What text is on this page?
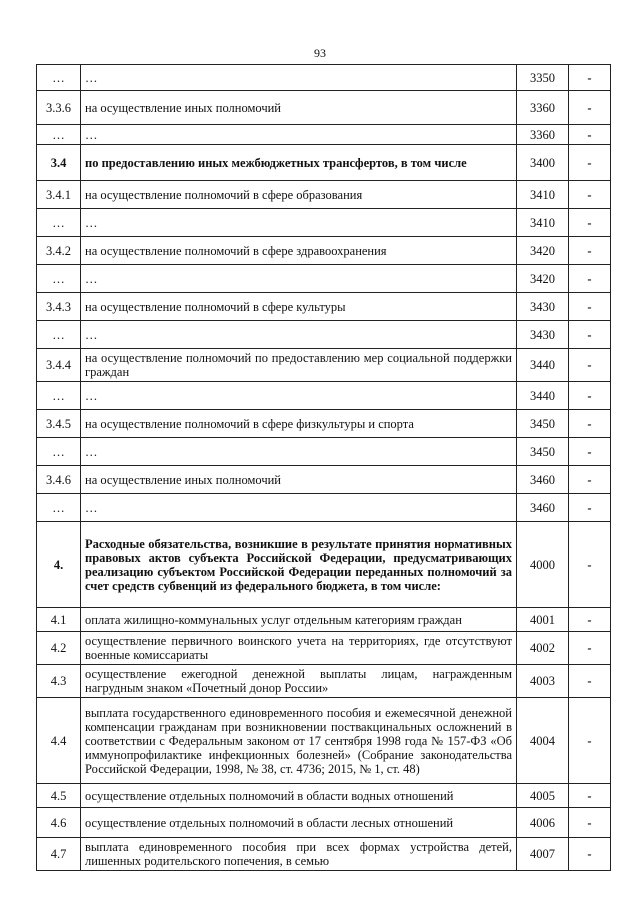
93
…	…	3350	-
3.3.6	на осуществление иных полномочий	3360	-
…	…	3360	-
3.4	по предоставлению иных межбюджетных трансфертов, в том числе	3400	-
3.4.1	на осуществление полномочий в сфере образования	3410	-
…	…	3410	-
3.4.2	на осуществление полномочий в сфере здравоохранения	3420	-
…	…	3420	-
3.4.3	на осуществление полномочий в сфере культуры	3430	-
…	…	3430	-
3.4.4	на осуществление полномочий по предоставлению мер социальной поддержки граждан	3440	-
…	…	3440	-
3.4.5	на осуществление полномочий в сфере физкультуры и спорта	3450	-
…	…	3450	-
3.4.6	на осуществление иных полномочий	3460	-
…	…	3460	-
4.	Расходные обязательства, возникшие в результате принятия нормативных правовых актов субъекта Российской Федерации, предусматривающих реализацию субъектом Российской Федерации переданных полномочий за счет средств субвенций из федерального бюджета, в том числе:	4000	-
4.1	оплата жилищно-коммунальных услуг отдельным категориям граждан	4001	-
4.2	осуществление первичного воинского учета на территориях, где отсутствуют военные комиссариаты	4002	-
4.3	осуществление ежегодной денежной выплаты лицам, награжденным нагрудным знаком «Почетный донор России»	4003	-
4.4	выплата государственного единовременного пособия и ежемесячной денежной компенсации гражданам при возникновении поствакцинальных осложнений в соответствии с Федеральным законом от 17 сентября 1998 года № 157-ФЗ «Об иммунопрофилактике инфекционных болезней» (Собрание законодательства Российской Федерации, 1998, № 38, ст. 4736; 2015, № 1, ст. 48)	4004	-
4.5	осуществление отдельных полномочий в области водных отношений	4005	-
4.6	осуществление отдельных полномочий в области лесных отношений	4006	-
4.7	выплата единовременного пособия при всех формах устройства детей, лишенных родительского попечения, в семью	4007	-
